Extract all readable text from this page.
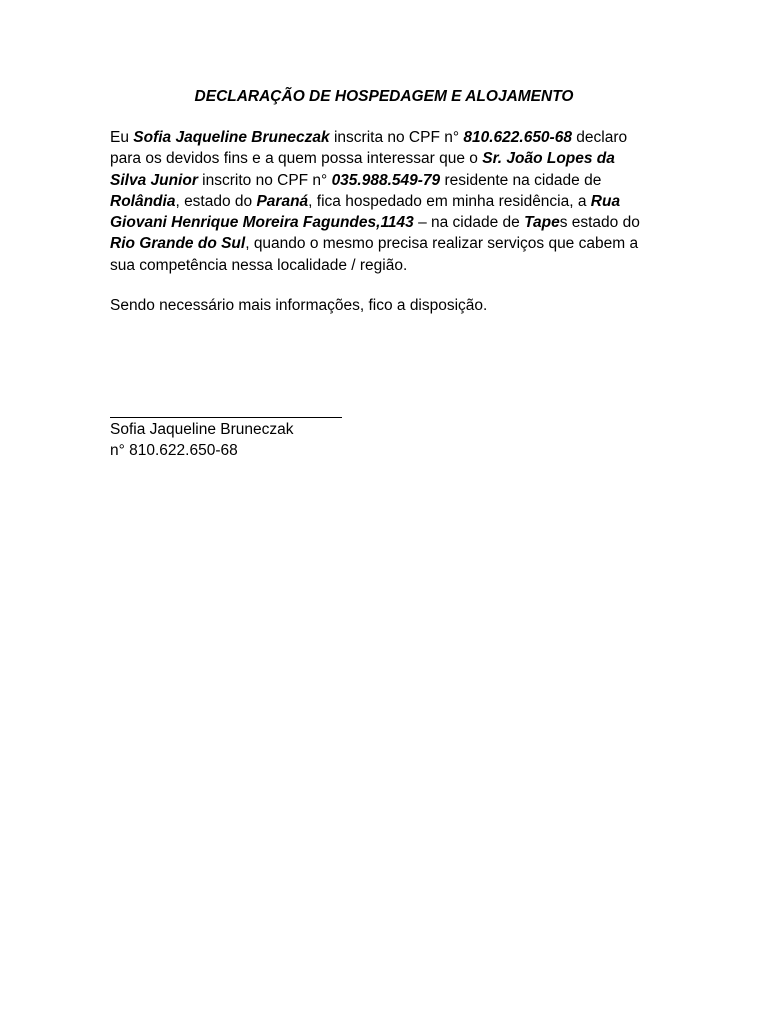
DECLARAÇÃO DE HOSPEDAGEM E ALOJAMENTO
Eu Sofia Jaqueline Bruneczak inscrita no CPF n° 810.622.650-68 declaro
para os devidos fins e a quem possa interessar que o Sr. João Lopes da
Silva Junior inscrito no CPF n° 035.988.549-79 residente na cidade de
Rolândia, estado do Paraná, fica hospedado em minha residência, a Rua
Giovani Henrique Moreira Fagundes,1143 – na cidade de Tapes estado do
Rio Grande do Sul, quando o mesmo precisa realizar serviços que cabem a
sua competência nessa localidade / região.
Sendo necessário mais informações, fico a disposição.
Sofia Jaqueline Bruneczak
n° 810.622.650-68
